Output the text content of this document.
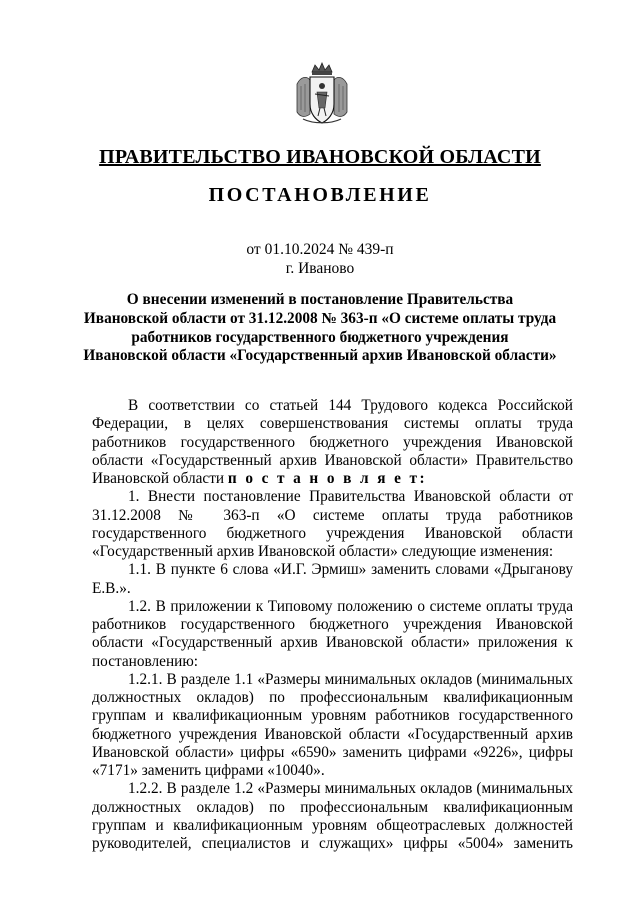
ПРАВИТЕЛЬСТВО ИВАНОВСКОЙ ОБЛАСТИ
ПОСТАНОВЛЕНИЕ
от 01.10.2024 № 439-п
г. Иваново
О внесении изменений в постановление Правительства
Ивановской области от 31.12.2008 № 363-п «О системе оплаты труда
работников государственного бюджетного учреждения
Ивановской области «Государственный архив Ивановской области»

В соответствии со статьей 144 Трудового кодекса Российской Федерации, в целях совершенствования системы оплаты труда работников государственного бюджетного учреждения Ивановской области «Государственный архив Ивановской области» Правительство Ивановской области п о с т а н о в л я е т:

1. Внести постановление Правительства Ивановской области от 31.12.2008 № 363-п «О системе оплаты труда работников государственного бюджетного учреждения Ивановской области «Государственный архив Ивановской области» следующие изменения:

1.1. В пункте 6 слова «И.Г. Эрмиш» заменить словами «Дрыганову Е.В.».

1.2. В приложении к Типовому положению о системе оплаты труда работников государственного бюджетного учреждения Ивановской области «Государственный архив Ивановской области» приложения к постановлению:

1.2.1. В разделе 1.1 «Размеры минимальных окладов (минимальных должностных окладов) по профессиональным квалификационным группам и квалификационным уровням работников государственного бюджетного учреждения Ивановской области «Государственный архив Ивановской области» цифры «6590» заменить цифрами «9226», цифры «7171» заменить цифрами «10040».

1.2.2. В разделе 1.2 «Размеры минимальных окладов (минимальных должностных окладов) по профессиональным квалификационным группам и квалификационным уровням общеотраслевых должностей руководителей, специалистов и служащих» цифры «5004» заменить
